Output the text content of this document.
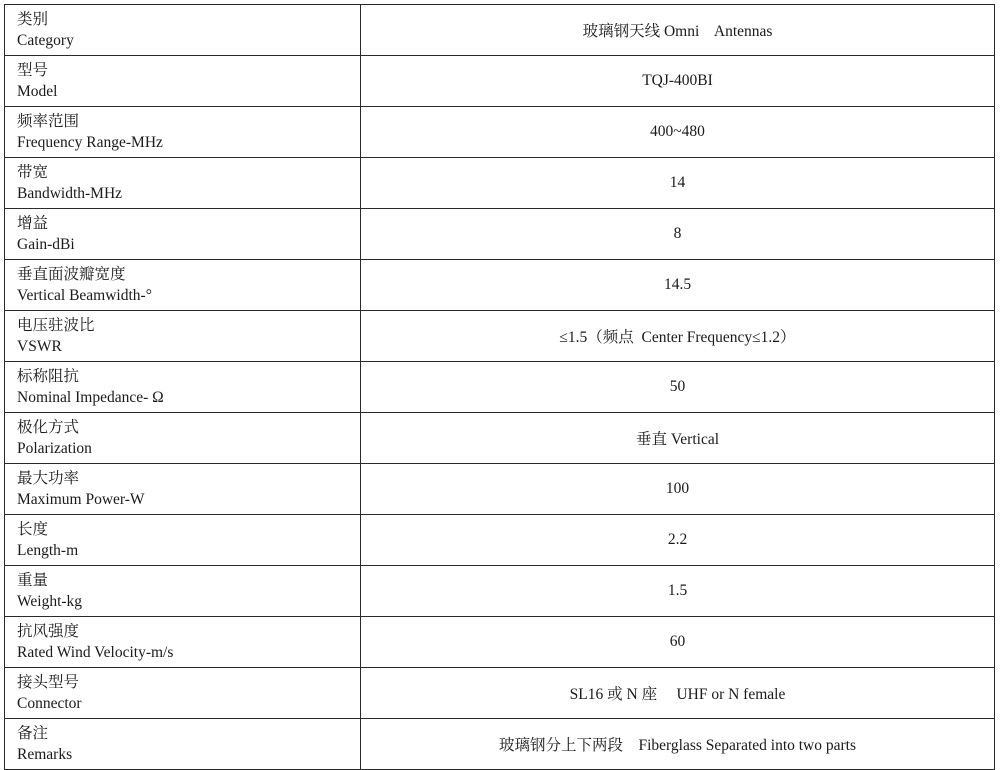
类别
Category	玻璃钢天线 Omni    Antennas

型号
Model	TQJ-400BI

频率范围
Frequency Range-MHz	400~480

带宽
Bandwidth-MHz	14

增益
Gain-dBi	8

垂直面波瓣宽度
Vertical Beamwidth-°	14.5

电压驻波比
VSWR	≤1.5（频点  Center Frequency≤1.2）

标称阻抗
Nominal Impedance- Ω	50

极化方式
Polarization	垂直 Vertical

最大功率
Maximum Power-W	100

长度
Length-m	2.2

重量
Weight-kg	1.5

抗风强度
Rated Wind Velocity-m/s	60

接头型号
Connector	SL16 或 N 座     UHF or N female

备注
Remarks	玻璃钢分上下两段    Fiberglass Separated into two parts
